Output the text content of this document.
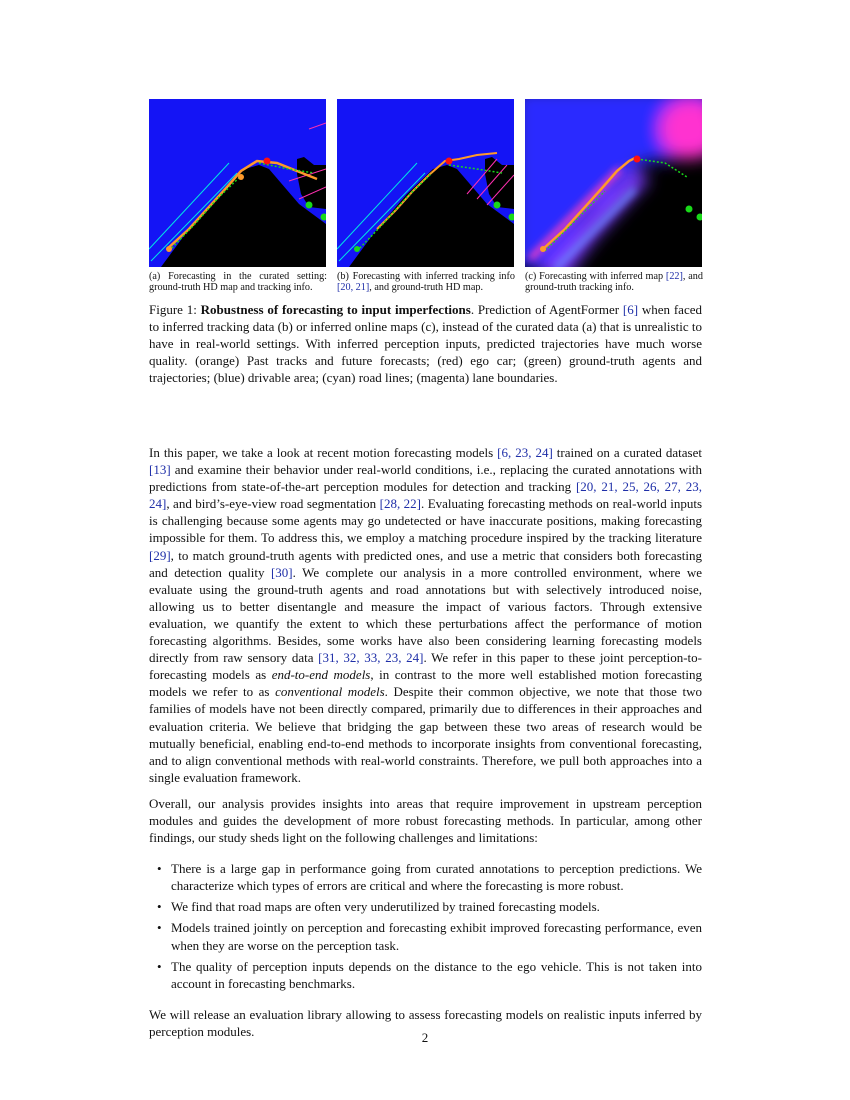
(a) Forecasting in the curated setting: ground-truth HD map and tracking info.
(b) Forecasting with inferred tracking info [20, 21], and ground-truth HD map.
(c) Forecasting with inferred map [22], and ground-truth tracking info.
Figure 1: Robustness of forecasting to input imperfections. Prediction of AgentFormer [6] when faced to inferred tracking data (b) or inferred online maps (c), instead of the curated data (a) that is unrealistic to have in real-world settings. With inferred perception inputs, predicted trajectories have much worse quality. (orange) Past tracks and future forecasts; (red) ego car; (green) ground-truth agents and trajectories; (blue) drivable area; (cyan) road lines; (magenta) lane boundaries.

In this paper, we take a look at recent motion forecasting models [6, 23, 24] trained on a curated dataset [13] and examine their behavior under real-world conditions, i.e., replacing the curated annotations with predictions from state-of-the-art perception modules for detection and tracking [20, 21, 25, 26, 27, 23, 24], and bird’s-eye-view road segmentation [28, 22]. Evaluating forecasting methods on real-world inputs is challenging because some agents may go undetected or have inaccurate positions, making forecasting impossible for them. To address this, we employ a matching procedure inspired by the tracking literature [29], to match ground-truth agents with predicted ones, and use a metric that considers both forecasting and detection quality [30]. We complete our analysis in a more controlled environment, where we evaluate using the ground-truth agents and road annotations but with selectively introduced noise, allowing us to better disentangle and measure the impact of various factors. Through extensive evaluation, we quantify the extent to which these perturbations affect the performance of motion forecasting algorithms. Besides, some works have also been considering learning forecasting models directly from raw sensory data [31, 32, 33, 23, 24]. We refer in this paper to these joint perception-to-forecasting models as end-to-end models, in contrast to the more well established motion forecasting models we refer to as conventional models. Despite their common objective, we note that those two families of models have not been directly compared, primarily due to differences in their approaches and evaluation criteria. We believe that bridging the gap between these two areas of research would be mutually beneficial, enabling end-to-end methods to incorporate insights from conventional forecasting, and to align conventional methods with real-world constraints. Therefore, we pull both approaches into a single evaluation framework.

Overall, our analysis provides insights into areas that require improvement in upstream perception modules and guides the development of more robust forecasting methods. In particular, among other findings, our study sheds light on the following challenges and limitations:

• There is a large gap in performance going from curated annotations to perception predictions. We characterize which types of errors are critical and where the forecasting is more robust.
• We find that road maps are often very underutilized by trained forecasting models.
• Models trained jointly on perception and forecasting exhibit improved forecasting performance, even when they are worse on the perception task.
• The quality of perception inputs depends on the distance to the ego vehicle. This is not taken into account in forecasting benchmarks.

We will release an evaluation library allowing to assess forecasting models on realistic inputs inferred by perception modules.	2
